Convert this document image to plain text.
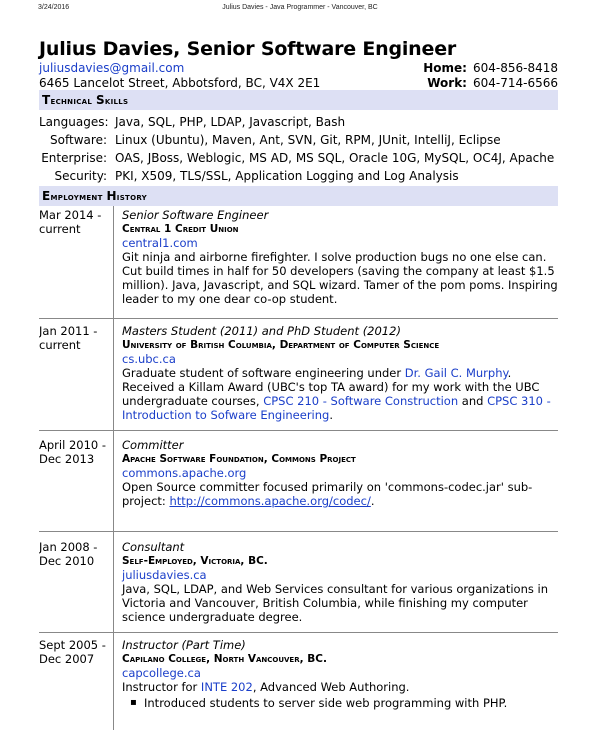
3/24/2016	Julius Davies - Java Programmer - Vancouver, BC
Julius Davies, Senior Software Engineer
juliusdavies@gmail.com
6465 Lancelot Street, Abbotsford, BC, V4X 2E1
Home: 604-856-8418
Work: 604-714-6566
Technical Skills
Languages: Java, SQL, PHP, LDAP, Javascript, Bash
Software: Linux (Ubuntu), Maven, Ant, SVN, Git, RPM, JUnit, IntelliJ, Eclipse
Enterprise: OAS, JBoss, Weblogic, MS AD, MS SQL, Oracle 10G, MySQL, OC4J, Apache
Security: PKI, X509, TLS/SSL, Application Logging and Log Analysis
Employment History
Mar 2014 -
current
Senior Software Engineer
Central 1 Credit Union
central1.com
Git ninja and airborne firefighter. I solve production bugs no one else can. Cut build times in half for 50 developers (saving the company at least $1.5 million). Java, Javascript, and SQL wizard. Tamer of the pom poms. Inspiring leader to my one dear co-op student.
Jan 2011 -
current
Masters Student (2011) and PhD Student (2012)
University of British Columbia, Department of Computer Science
cs.ubc.ca
Graduate student of software engineering under Dr. Gail C. Murphy. Received a Killam Award (UBC's top TA award) for my work with the UBC undergraduate courses, CPSC 210 - Software Construction and CPSC 310 - Introduction to Sofware Engineering.
April 2010 -
Dec 2013
Committer
Apache Software Foundation, Commons Project
commons.apache.org
Open Source committer focused primarily on 'commons-codec.jar' sub-project: http://commons.apache.org/codec/.
Jan 2008 -
Dec 2010
Consultant
Self-Employed, Victoria, BC.
juliusdavies.ca
Java, SQL, LDAP, and Web Services consultant for various organizations in Victoria and Vancouver, British Columbia, while finishing my computer science undergraduate degree.
Sept 2005 -
Dec 2007
Instructor (Part Time)
Capilano College, North Vancouver, BC.
capcollege.ca
Instructor for INTE 202, Advanced Web Authoring.
▪ Introduced students to server side web programming with PHP.
